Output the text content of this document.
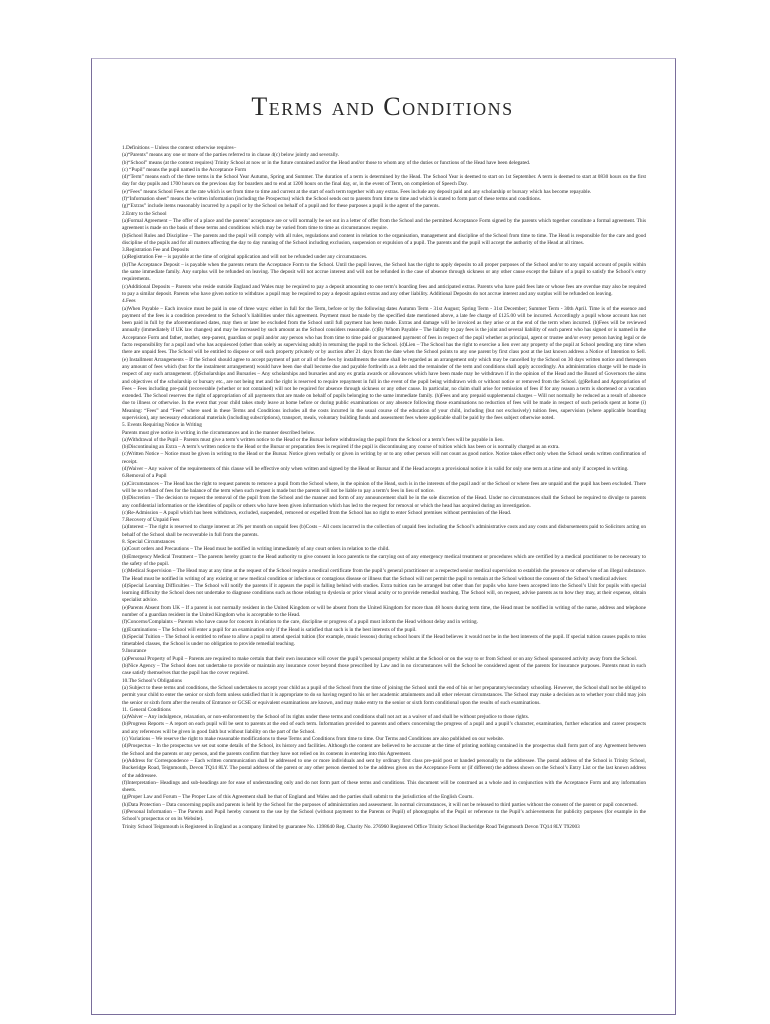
Terms and Conditions

1.Definitions – Unless the context otherwise requires–

(a)“Parents” means any one or more of the parties referred to in clause 4(c) below jointly and severally.

(b)“School” means (at the context requires) Trinity School at now or in the future contained and/or the Head and/or those to whom any of the duties or functions of the Head have been delegated.

(c) “Pupil” means the pupil named in the Acceptance Form

(d)“Term” means each of the three terms in the School Year Autumn, Spring and Summer. The duration of a term is determined by the Head. The School Year is deemed to start on 1st September. A term is deemed to start at 0830 hours on the first day for day pupils and 1700 hours on the previous day for boarders and to end at 1200 hours on the final day, or, in the event of Term, on completion of Speech Day.

(e)“Fees” means School Fees at the rate which is set from time to time and current at the start of each term together with any extras. Fees include any deposit paid and any scholarship or bursary which has become repayable.

(f)“Information sheet” means the written information (including the Prospectus) which the School sends out to parents from time to time and which is stated to form part of these terms and conditions.

(g)“Extras” include items reasonably incurred by a pupil or by the School on behalf of a pupil and for these purposes a pupil is the agent of the parents.

2.Entry to the School

(a)Formal Agreement – The offer of a place and the parents’ acceptance are or will normally be set out in a letter of offer from the School and the permitted Acceptance Form signed by the parents which together constitute a formal agreement. This agreement is made on the basis of these terms and conditions which may be varied from time to time as circumstances require.

(b)School Rules and Discipline – The parents and the pupil will comply with all rules, regulations and content in relation to the organisation, management and discipline of the School from time to time. The Head is responsible for the care and good discipline of the pupils and for all matters affecting the day to day running of the School including exclusion, suspension or expulsion of a pupil. The parents and the pupil will accept the authority of the Head at all times.

3.Registration Fee and Deposits

(a)Registration Fee – is payable at the time of original application and will not be refunded under any circumstances.

(b)The Acceptance Deposit – is payable when the parents return the Acceptance Form to the School. Until the pupil leaves, the School has the right to apply deposits to all proper purposes of the School and/or to any unpaid account of pupils within the same immediate family. Any surplus will be refunded on leaving. The deposit will not accrue interest and will not be refunded in the case of absence through sickness or any other cause except the failure of a pupil to satisfy the School’s entry requirements.

(c)Additional Deposits – Parents who reside outside England and Wales may be required to pay a deposit amounting to one term’s boarding fees and anticipated extras. Parents who have paid fees late or whose fees are overdue may also be required to pay a similar deposit. Parents who have given notice to withdraw a pupil may be required to pay a deposit against extras and any other liability. Additional Deposits do not accrue interest and any surplus will be refunded on leaving.

4.Fees

(a)When Payable – Each invoice must be paid in one of three ways: either in full for the Term, before or by the following dates Autumn Term - 31st August; Spring Term - 31st December; Summer Term - 30th April. Time is of the essence and payment of the fees is a condition precedent to the School’s liabilities under this agreement. Payment must be made by the specified date mentioned above, a late fee charge of £125.00 will be incurred. Accordingly a pupil whose account has not been paid in full by the aforementioned dates, may then or later be excluded from the School until full payment has been made. Extras and damage will be invoiced as they arise or at the end of the term when incurred. (b)Fees will be reviewed annually (immediately if UK law changes) and may be increased by such amount as the School considers reasonable. (c)By Whom Payable – The liability to pay fees is the joint and several liability of each parent who has signed or is named in the Acceptance Form and father, mother, step-parent, guardian or pupil and/or any person who has from time to time paid or guaranteed payment of fees in respect of the pupil whether as principal, agent or trustee and/or every person having legal or de facto responsibility for a pupil and who has acquiesced (other than solely as supervising adult) in returning the pupil to the School. (d)Lien – The School has the right to exercise a lien over any property of the pupil at School pending any time when there are unpaid fees. The School will be entitled to dispose or sell such property privately or by auction after 21 days from the date when the School points to any one parent by first class post at the last known address a Notice of Intention to Sell. (e) Installment Arrangements – If the School should agree to accept payment of part or all of the fees by installments the same shall be regarded as an arrangement only which may be cancelled by the School on 30 days written notice and thereupon any amount of fees which (but for the instalment arrangement) would have been due shall become due and payable forthwith as a debt and the remainder of the term and conditions shall apply accordingly. An administration charge will be made in respect of any such arrangement. (f)Scholarships and Bursaries – Any scholarships and bursaries and any ex gratia awards or allowances which have been made may be withdrawn if in the opinion of the Head and the Board of Governors the aims and objectives of the scholarship or bursary etc., are not being met and the right is reserved to require repayment in full in the event of the pupil being withdrawn with or without notice or removed from the School. (g)Refund and Appropriation of Fees – Fees including pre-paid (recoverable (whether or not contained) will not be required for absence through sickness or any other cause. In particular, no claim shall arise for remission of fees if for any reason a term is shortened or a vacation extended. The School reserves the right of appropriation of all payments that are made on behalf of pupils belonging to the same immediate family. (h)Fees and any prepaid supplemental charges – Will not normally be reduced as a result of absence due to illness or otherwise. In the event that your child takes study leave at home before or during public examinations or any absence following those examinations no reduction of fees will be made in respect of such periods spent at home (i) Meaning: “Fees” and “Fees” where used in these Terms and Conditions includes all the costs incurred in the usual course of the education of your child, including (but not exclusively) tuition fees, supervision (where applicable boarding supervision), any necessary educational materials (including subscriptions), transport, meals, voluntary building funds and assessment fees where applicable shall be paid by the fees subject otherwise noted.

5. Events Requiring Notice in Writing

Parents must give notice in writing in the circumstances and in the manner described below.

(a)Withdrawal of the Pupil – Parents must give a term’s written notice to the Head or the Bursar before withdrawing the pupil from the School or a term’s fees will be payable in lieu.

(b)Discontinuing an Extra – A term’s written notice to the Head or the Bursar or preparation fees is required if the pupil is discontinuing any course of tuition which has been or is normally charged as an extra.

(c)Written Notice – Notice must be given in writing to the Head or the Bursar. Notice given verbally or given in writing by or to any other person will not count as good notice. Notice takes effect only when the School sends written confirmation of receipt.

(d)Waiver – Any waiver of the requirements of this clause will be effective only when written and signed by the Head or Bursar and if the Head accepts a provisional notice it is valid for only one term at a time and only if accepted in writing.

6.Removal of a Pupil

(a)Circumstances – The Head has the right to request parents to remove a pupil from the School where, in the opinion of the Head, such is in the interests of the pupil and/ or the School or where fees are unpaid and the pupil has been excluded. There will be no refund of fees for the balance of the term when such request is made but the parents will not be liable to pay a term’s fees in lieu of notice.

(b)Discretion – The decision to request the removal of the pupil from the School and the manner and form of any announcement shall be in the sole discretion of the Head. Under no circumstances shall the School be required to divulge to parents any confidential information or the identities of pupils or others who have been given information which has led to the request for removal or which the head has acquired during an investigation.

(c)Re-Admission – A pupil which has been withdrawn, excluded, suspended, removed or expelled from the School has no right to enter School premises without permission of the Head.

7.Recovery of Unpaid Fees

(a)Interest – The right is reserved to charge interest at 3% per month on unpaid fees (b)Costs – All costs incurred in the collection of unpaid fees including the School’s administrative costs and any costs and disbursements paid to Solicitors acting on behalf of the School shall be recoverable in full from the parents.

8. Special Circumstances

(a)Court orders and Precautions – The Head must be notified in writing immediately of any court orders in relation to the child.

(b)Emergency Medical Treatment – The parents hereby grant to the Head authority to give consent in loco parentis to the carrying out of any emergency medical treatment or procedures which are certified by a medical practitioner to be necessary to the safety of the pupil.

(c)Medical Supervision – The Head may at any time at the request of the School require a medical certificate from the pupil’s general practitioner or a respected senior medical supervision to establish the presence or otherwise of an illegal substance. The Head must be notified in writing of any existing or new medical condition or infectious or contagious disease or illness that the School will not permit the pupil to remain at the School without the consent of the School’s medical adviser.

(d)Special Learning Difficulties – The School will notify the parents if it appears the pupil is falling behind with studies. Extra tuition can be arranged but other than for pupils who have been accepted into the School’s Unit for pupils with special learning difficulty the School does not undertake to diagnose conditions such as those relating to dyslexia or prior visual acuity or to provide remedial teaching. The School will, on request, advise parents as to how they may, at their expense, obtain specialist advice.

(e)Parents Absent from UK – If a parent is not normally resident in the United Kingdom or will be absent from the United Kingdom for more than 48 hours during term time, the Head must be notified in writing of the name, address and telephone number of a guardian resident in the United Kingdom who is acceptable to the Head.

(f)Concerns/Complaints – Parents who have cause for concern in relation to the care, discipline or progress of a pupil must inform the Head without delay and in writing.

(g)Examinations – The School will enter a pupil for an examination only if the Head is satisfied that such is in the best interests of the pupil.

(h)Special Tuition – The School is entitled to refuse to allow a pupil to attend special tuition (for example, music lessons) during school hours if the Head believes it would not be in the best interests of the pupil. If special tuition causes pupils to miss timetabled classes, the School is under no obligation to provide remedial teaching.

9.Insurance

(a)Personal Property of Pupil – Parents are required to make certain that their own insurance will cover the pupil’s personal property whilst at the School or on the way to or from School or on any School sponsored activity away from the School.

(b)Nice Agency – The School does not undertake to provide or maintain any insurance cover beyond those prescribed by Law and in no circumstances will the School be considered agent of the parents for insurance purposes. Parents must in such case satisfy themselves that the pupil has the cover required.

10.The School’s Obligations

(a) Subject to these terms and conditions, the School undertakes to accept your child as a pupil of the School from the time of joining the School until the end of his or her preparatory/secondary schooling. However, the School shall not be obliged to permit your child to enter the senior or sixth form unless satisfied that it is appropriate to do so having regard to his or her academic attainments and all other relevant circumstances. The School may make a decision as to whether your child may join the senior or sixth form after the results of Entrance or GCSE or equivalent examinations are known, and may make entry to the senior or sixth form conditional upon the results of such examinations.

11. General Conditions

(a)Waiver – Any indulgence, relaxation, or non-enforcement by the School of its rights under these terms and conditions shall not act as a waiver of and shall be without prejudice to those rights.

(b)Progress Reports – A report on each pupil will be sent to parents at the end of each term. Information provided to parents and others concerning the progress of a pupil and a pupil’s character, examination, further education and career prospects and any references will be given in good faith but without liability on the part of the School.

(c) Variations – We reserve the right to make reasonable modifications to these Terms and Conditions from time to time. Our Terms and Conditions are also published on our website.

(d)Prospectus – In the prospectus we set out some details of the School, its history and facilities. Although the content are believed to be accurate at the time of printing nothing contained in the prospectus shall form part of any Agreement between the School and the parents or any person, and the parents confirm that they have not relied on its contents in entering into this Agreement.

(e)Address for Correspondence – Each written communication shall be addressed to one or more individuals and sent by ordinary first class pre-paid post or handed personally to the addressee. The postal address of the School is Trinity School, Buckeridge Road, Teignmouth, Devon TQ14 8LY. The postal address of the parent or any other person deemed to be the address given on the Acceptance Form or (if different) the address shown on the School’s Entry List or the last known address of the addressee.

(f)Interpretation– Headings and sub-headings are for ease of understanding only and do not form part of these terms and conditions. This document will be construed as a whole and in conjunction with the Acceptance Form and any information sheets.

(g)Proper Law and Forum – The Proper Law of this Agreement shall be that of England and Wales and the parties shall submit to the jurisdiction of the English Courts.

(h)Data Protection – Data concerning pupils and parents is held by the School for the purposes of administration and assessment. In normal circumstances, it will not be released to third parties without the consent of the parent or pupil concerned.

(i)Personal Information – The Parents and Pupil hereby consent to the use by the School (without payment to the Parents or Pupil) of photographs of the Pupil or reference to the Pupil’s achievements for publicity purposes (for example in the School’s prospectus or on its Website).

Trinity School Teignmouth is Registered in England as a company limited by guarantee No. 1398640 Reg. Charity No. 276960 Registered Office Trinity School Buckeridge Road Teignmouth Devon TQ14 8LY T92003
